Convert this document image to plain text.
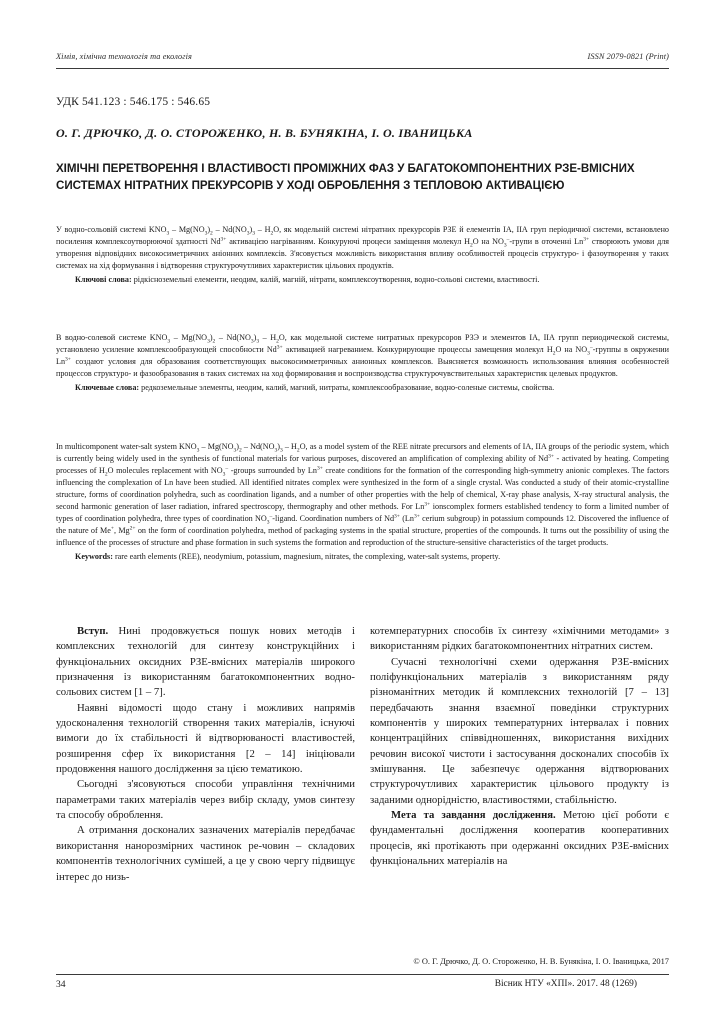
Хімія, хімічна технологія та екологія	ISSN 2079-0821 (Print)
УДК 541.123 : 546.175 : 546.65
О. Г. ДРЮЧКО, Д. О. СТОРОЖЕНКО, Н. В. БУНЯКІНА, І. О. ІВАНИЦЬКА
ХІМІЧНІ ПЕРЕТВОРЕННЯ І ВЛАСТИВОСТІ ПРОМІЖНИХ ФАЗ У БАГАТОКОМПОНЕНТНИХ РЗЕ-ВМІСНИХ СИСТЕМАХ НІТРАТНИХ ПРЕКУРСОРІВ У ХОДІ ОБРОБЛЕННЯ З ТЕПЛОВОЮ АКТИВАЦІЄЮ

У водно-сольовій системі $KNO_3 - Mg(NO_3)_2 - Nd(NO_3)_3 - H_2O$, як модельній системі нітратних прекурсорів РЗЕ й елементів ІА, ІІА груп періодичної системи, встановлено посилення комплексоутворюючої здатності $Nd^{3+}$ активацією нагріванням. Конкуруючі процеси заміщення молекул $H_2O$ на $NO_3^-$-групи в оточенні $Ln^{3+}$ створюють умови для утворення відповідних високосиметричних аніонних комплексів. З'ясовується можливість використання впливу особливостей процесів структуро- і фазоутворення у таких системах на хід формування і відтворення структурочутливих характеристик цільових продуктів.

Ключові слова: рідкісноземельні елементи, неодим, калій, магній, нітрати, комплексоутворення, водно-сольові системи, властивості.

В водно-солевой системе $KNO_3 - Mg(NO_3)_2 - Nd(NO_3)_3 - H_2O$, как модельной системе нитратных прекурсоров РЗЭ и элементов ІА, ІІА групп периодической системы, установлено усиление комплексообразующей способности $Nd^{3+}$ активацией нагреванием. Конкурирующие процессы замещения молекул $H_2O$ на $NO_3^-$-группы в окружении $Ln^{3+}$ создают условия для образования соответствующих высокосимметричных анионных комплексов. Выясняется возможность использования влияния особенностей процессов структуро- и фазообразования в таких системах на ход формирования и воспроизводства структурочувствительных характеристик целевых продуктов.

Ключевые слова: редкоземельные элементы, неодим, калий, магний, нитраты, комплексообразование, водно-соленые системы, свойства.

In multicomponent water-salt system $KNO_3 - Mg(NO_3)_2 - Nd(NO_3)_3 - H_2O$, as a model system of the REE nitrate precursors and elements of IA, IIA groups of the periodic system, which is currently being widely used in the synthesis of functional materials for various purposes, discovered an amplification of complexing ability of $Nd^{3+}$ - activated by heating. Competing processes of $H_2O$ molecules replacement with $NO_3^-$ -groups surrounded by $Ln^{3+}$ create conditions for the formation of the corresponding high-symmetry anionic complexes. The factors influencing the complexation of Ln have been studied. All identified nitrates complex were synthesized in the form of a single crystal. Was conducted a study of their atomic-crystalline structure, forms of coordination polyhedra, such as coordination ligands, and a number of other properties with the help of chemical, X-ray phase analysis, X-ray structural analysis, the second harmonic generation of laser radiation, infrared spectroscopy, thermography and other methods. For $Ln^{3+}$ ionscomplex formers established tendency to form a limited number of types of coordination polyhedra, three types of coordination $NO_3^-$-ligand. Coordination numbers of $Nd^{3+}$ ($Ln^{3+}$ cerium subgroup) in potassium compounds 12. Discovered the influence of the nature of Me+, $Mg^{2+}$ on the form of coordination polyhedra, method of packaging systems in the spatial structure, properties of the compounds. It turns out the possibility of using the influence of the processes of structure and phase formation in such systems the formation and reproduction of the structure-sensitive characteristics of the target products.

Keywords: rare earth elements (REE), neodymium, potassium, magnesium, nitrates, the complexing, water-salt systems, property.

Вступ. Нині продовжується пошук нових методів і комплексних технологій для синтезу конструкційних і функціональних оксидних РЗЕ-вмісних матеріалів широкого призначення із використанням багатокомпонентних водно-сольових систем [1 – 7].

Наявні відомості щодо стану і можливих напрямів удосконалення технологій створення таких матеріалів, існуючі вимоги до їх стабільності й відтворюваності властивостей, розширення сфер їх використання [2 – 14] ініціювали продовження нашого дослідження за цією тематикою.

Сьогодні з'ясовуються способи управління технічними параметрами таких матеріалів через вибір складу, умов синтезу та способу оброблення.

А отримання досконалих зазначених матеріалів передбачає використання нанорозмірних частинок ре-човин – складових компонентів технологічних сумішей, а це у свою чергу підвищує інтерес до низь-

котемпературних способів їх синтезу «хімічними методами» з використанням рідких багатокомпонентних нітратних систем.

Сучасні технологічні схеми одержання РЗЕ-вмісних поліфункціональних матеріалів з використанням ряду різноманітних методик й комплексних технологій [7 – 13] передбачають знання взаємної поведінки структурних компонентів у широких температурних інтервалах і повних концентраційних співвідношеннях, використання вихідних речовин високої чистоти і застосування досконалих способів їх змішування. Це забезпечує одержання відтворюваних структурочутливих характеристик цільового продукту із заданими однорідністю, властивостями, стабільністю.

Мета та завдання дослідження. Метою цієї роботи є фундаментальні дослідження кооператив кооперативних процесів, які протікають при одержанні оксидних РЗЕ-вмісних функціональних матеріалів на

© О. Г. Дрючко, Д. О. Стороженко, Н. В. Бунякіна, І. О. Іваницька, 2017
34	Вісник НТУ «ХПІ». 2017. 48 (1269)
